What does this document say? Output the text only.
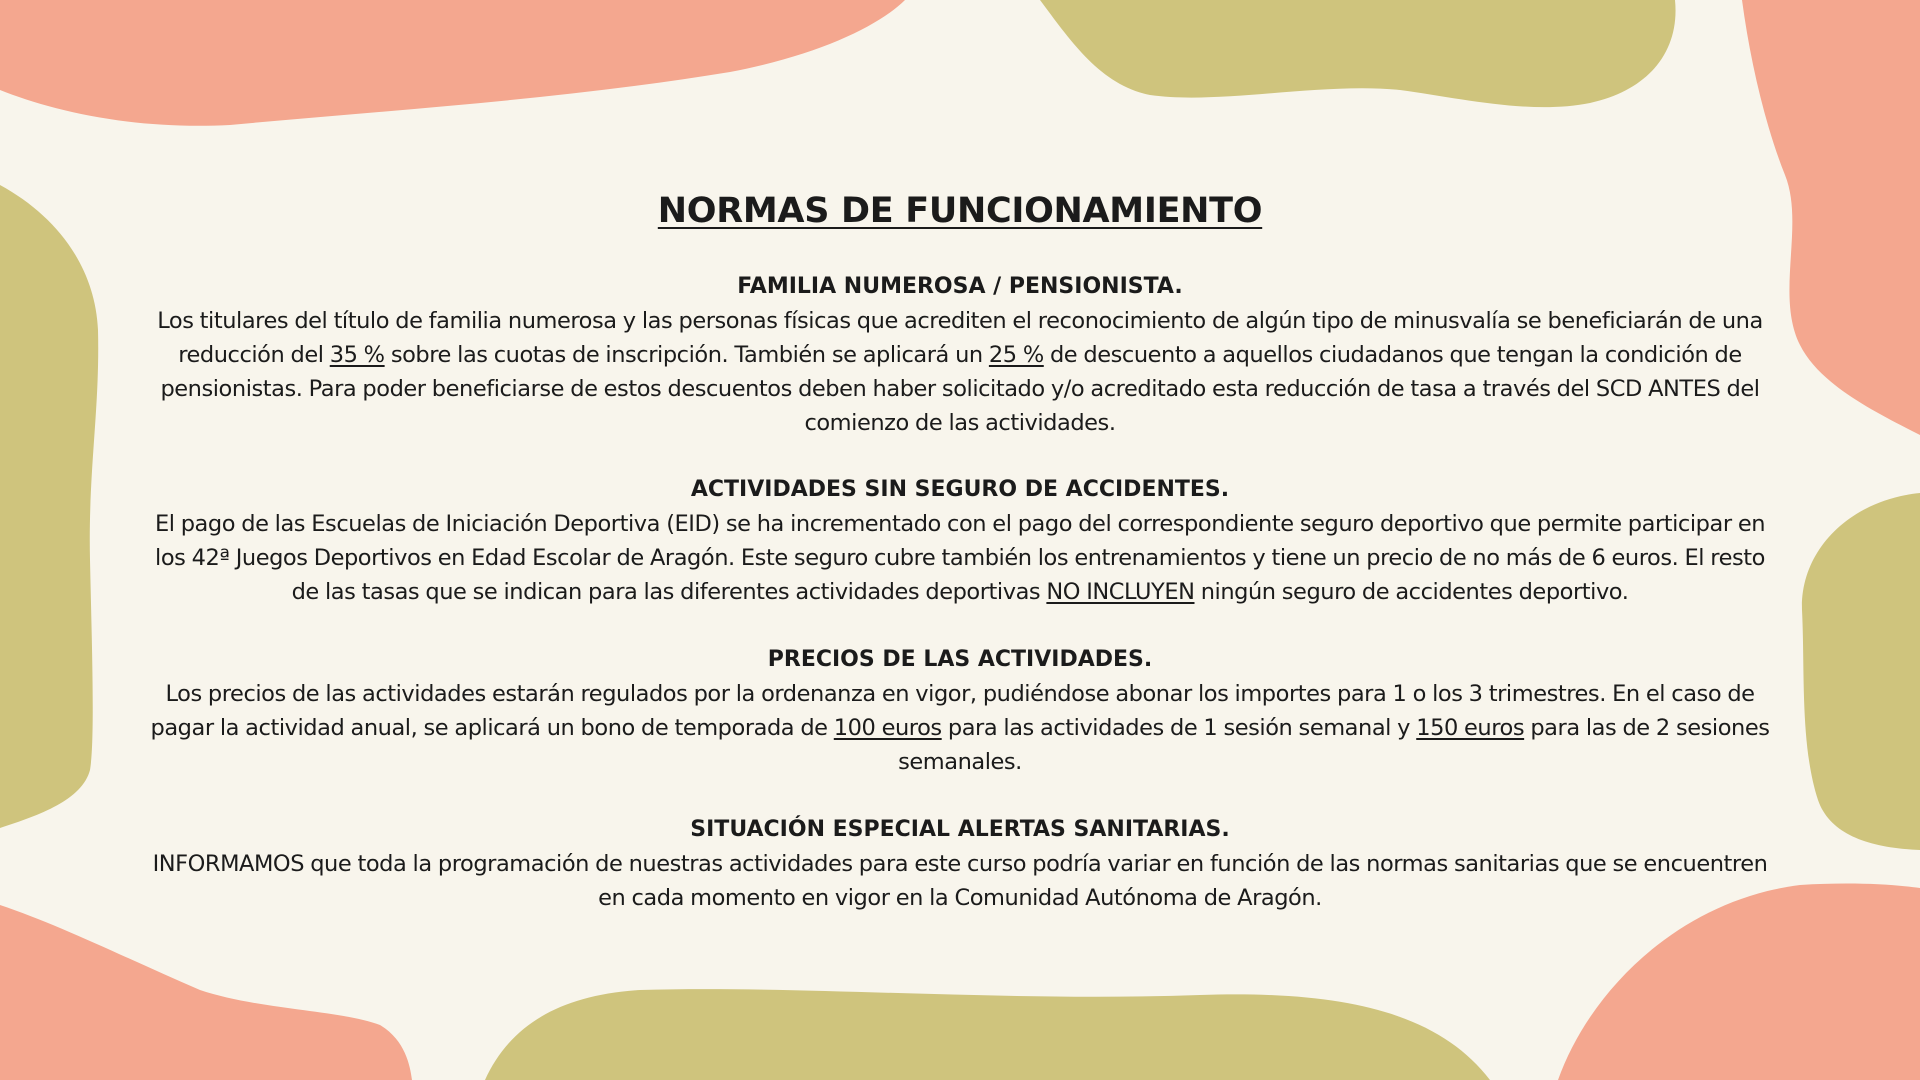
NORMAS DE FUNCIONAMIENTO
FAMILIA NUMEROSA / PENSIONISTA.

Los titulares del título de familia numerosa y las personas físicas que acrediten el reconocimiento de algún tipo de minusvalía se beneficiarán de una
reducción del 35 % sobre las cuotas de inscripción. También se aplicará un 25 % de descuento a aquellos ciudadanos que tengan la condición de
pensionistas. Para poder beneficiarse de estos descuentos deben haber solicitado y/o acreditado esta reducción de tasa a través del SCD ANTES del
comienzo de las actividades.

ACTIVIDADES SIN SEGURO DE ACCIDENTES.

El pago de las Escuelas de Iniciación Deportiva (EID) se ha incrementado con el pago del correspondiente seguro deportivo que permite participar en
los 42ª Juegos Deportivos en Edad Escolar de Aragón. Este seguro cubre también los entrenamientos y tiene un precio de no más de 6 euros. El resto
de las tasas que se indican para las diferentes actividades deportivas NO INCLUYEN ningún seguro de accidentes deportivo.

PRECIOS DE LAS ACTIVIDADES.

Los precios de las actividades estarán regulados por la ordenanza en vigor, pudiéndose abonar los importes para 1 o los 3 trimestres. En el caso de
pagar la actividad anual, se aplicará un bono de temporada de 100 euros para las actividades de 1 sesión semanal y 150 euros para las de 2 sesiones
semanales.

SITUACIÓN ESPECIAL ALERTAS SANITARIAS.

INFORMAMOS que toda la programación de nuestras actividades para este curso podría variar en función de las normas sanitarias que se encuentren
en cada momento en vigor en la Comunidad Autónoma de Aragón.
